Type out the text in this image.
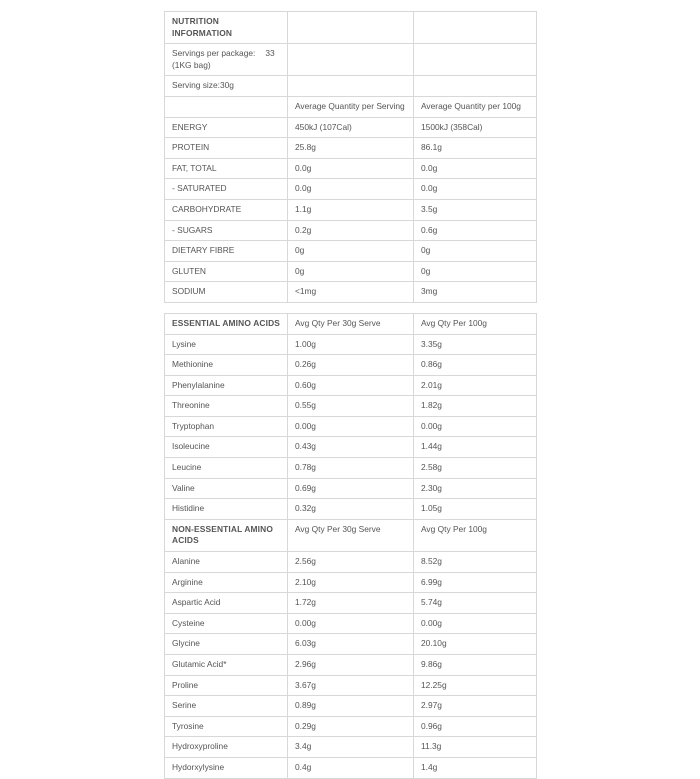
NUTRITION INFORMATION		

Servings per package: 33
(1KG bag)		

Serving size:30g		
	Average Quantity per Serving	Average Quantity per 100g
ENERGY	450kJ (107Cal)	1500kJ (358Cal)
PROTEIN	25.8g	86.1g
FAT, TOTAL	0.0g	0.0g
- SATURATED	0.0g	0.0g
CARBOHYDRATE	1.1g	3.5g
- SUGARS	0.2g	0.6g
DIETARY FIBRE	0g	0g
GLUTEN	0g	0g
SODIUM	<1mg	3mg
ESSENTIAL AMINO ACIDS	Avg Qty Per 30g Serve	Avg Qty Per 100g
Lysine	1.00g	3.35g
Methionine	0.26g	0.86g
Phenylalanine	0.60g	2.01g
Threonine	0.55g	1.82g
Tryptophan	0.00g	0.00g
Isoleucine	0.43g	1.44g
Leucine	0.78g	2.58g
Valine	0.69g	2.30g
Histidine	0.32g	1.05g
NON-ESSENTIAL AMINO ACIDS	Avg Qty Per 30g Serve	Avg Qty Per 100g
Alanine	2.56g	8.52g
Arginine	2.10g	6.99g
Aspartic Acid	1.72g	5.74g
Cysteine	0.00g	0.00g
Glycine	6.03g	20.10g
Glutamic Acid*	2.96g	9.86g
Proline	3.67g	12.25g
Serine	0.89g	2.97g
Tyrosine	0.29g	0.96g
Hydroxyproline	3.4g	11.3g
Hydorxylysine	0.4g	1.4g
